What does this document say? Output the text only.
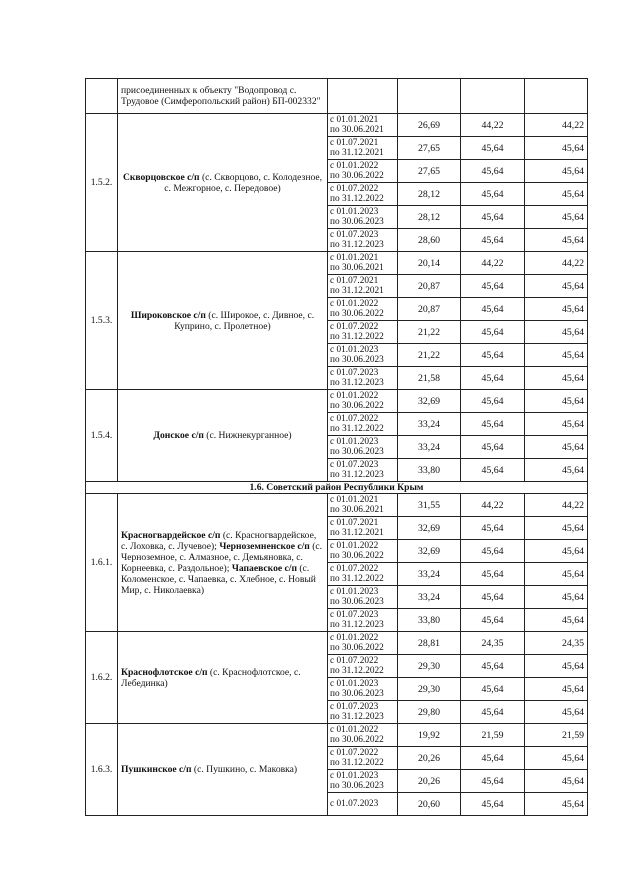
	присоединенных к объекту "Водопровод с. Трудовое (Симферопольский район) БП-002332"				
1.5.2.	Скворцовское с/п (с. Скворцово, с. Колодезное, с. Межгорное, с. Передовое)	с 01.01.2021
по 30.06.2021	26,69	44,22	44,22

		с 01.07.2021
по 31.12.2021	27,65	45,64	45,64

		с 01.01.2022
по 30.06.2022	27,65	45,64	45,64

		с 01.07.2022
по 31.12.2022	28,12	45,64	45,64

		с 01.01.2023
по 30.06.2023	28,12	45,64	45,64

		с 01.07.2023
по 31.12.2023	28,60	45,64	45,64
1.5.3.	Широковское с/п (с. Широкое, с. Дивное, с. Куприно, с. Пролетное)	с 01.01.2021
по 30.06.2021	20,14	44,22	44,22

		с 01.07.2021
по 31.12.2021	20,87	45,64	45,64

		с 01.01.2022
по 30.06.2022	20,87	45,64	45,64

		с 01.07.2022
по 31.12.2022	21,22	45,64	45,64

		с 01.01.2023
по 30.06.2023	21,22	45,64	45,64

		с 01.07.2023
по 31.12.2023	21,58	45,64	45,64
1.5.4.	Донское с/п (с. Нижнекурганное)	с 01.01.2022
по 30.06.2022	32,69	45,64	45,64

		с 01.07.2022
по 31.12.2022	33,24	45,64	45,64

		с 01.01.2023
по 30.06.2023	33,24	45,64	45,64

		с 01.07.2023
по 31.12.2023	33,80	45,64	45,64
1.6. Советский район Республики Крым					
1.6.1.	Красногвардейское с/п (с. Красногвардейское, с. Лоховка, с. Лучевое); Черноземненское с/п (с. Черноземное, с. Алмазное, с. Демьяновка, с. Корнеевка, с. Раздольное); Чапаевское с/п (с. Коломенское, с. Чапаевка, с. Хлебное, с. Новый Мир, с. Николаевка)	с 01.01.2021
по 30.06.2021	31,55	44,22	44,22

		с 01.07.2021
по 31.12.2021	32,69	45,64	45,64

		с 01.01.2022
по 30.06.2022	32,69	45,64	45,64

		с 01.07.2022
по 31.12.2022	33,24	45,64	45,64

		с 01.01.2023
по 30.06.2023	33,24	45,64	45,64

		с 01.07.2023
по 31.12.2023	33,80	45,64	45,64
1.6.2.	Краснофлотское с/п (с. Краснофлотское, с. Лебединка)	с 01.01.2022
по 30.06.2022	28,81	24,35	24,35

		с 01.07.2022
по 31.12.2022	29,30	45,64	45,64

		с 01.01.2023
по 30.06.2023	29,30	45,64	45,64

		с 01.07.2023
по 31.12.2023	29,80	45,64	45,64
1.6.3.	Пушкинское с/п (с. Пушкино, с. Маковка)	с 01.01.2022
по 30.06.2022	19,92	21,59	21,59

		с 01.07.2022
по 31.12.2022	20,26	45,64	45,64

		с 01.01.2023
по 30.06.2023	20,26	45,64	45,64

		с 01.07.2023	20,60	45,64	45,64
